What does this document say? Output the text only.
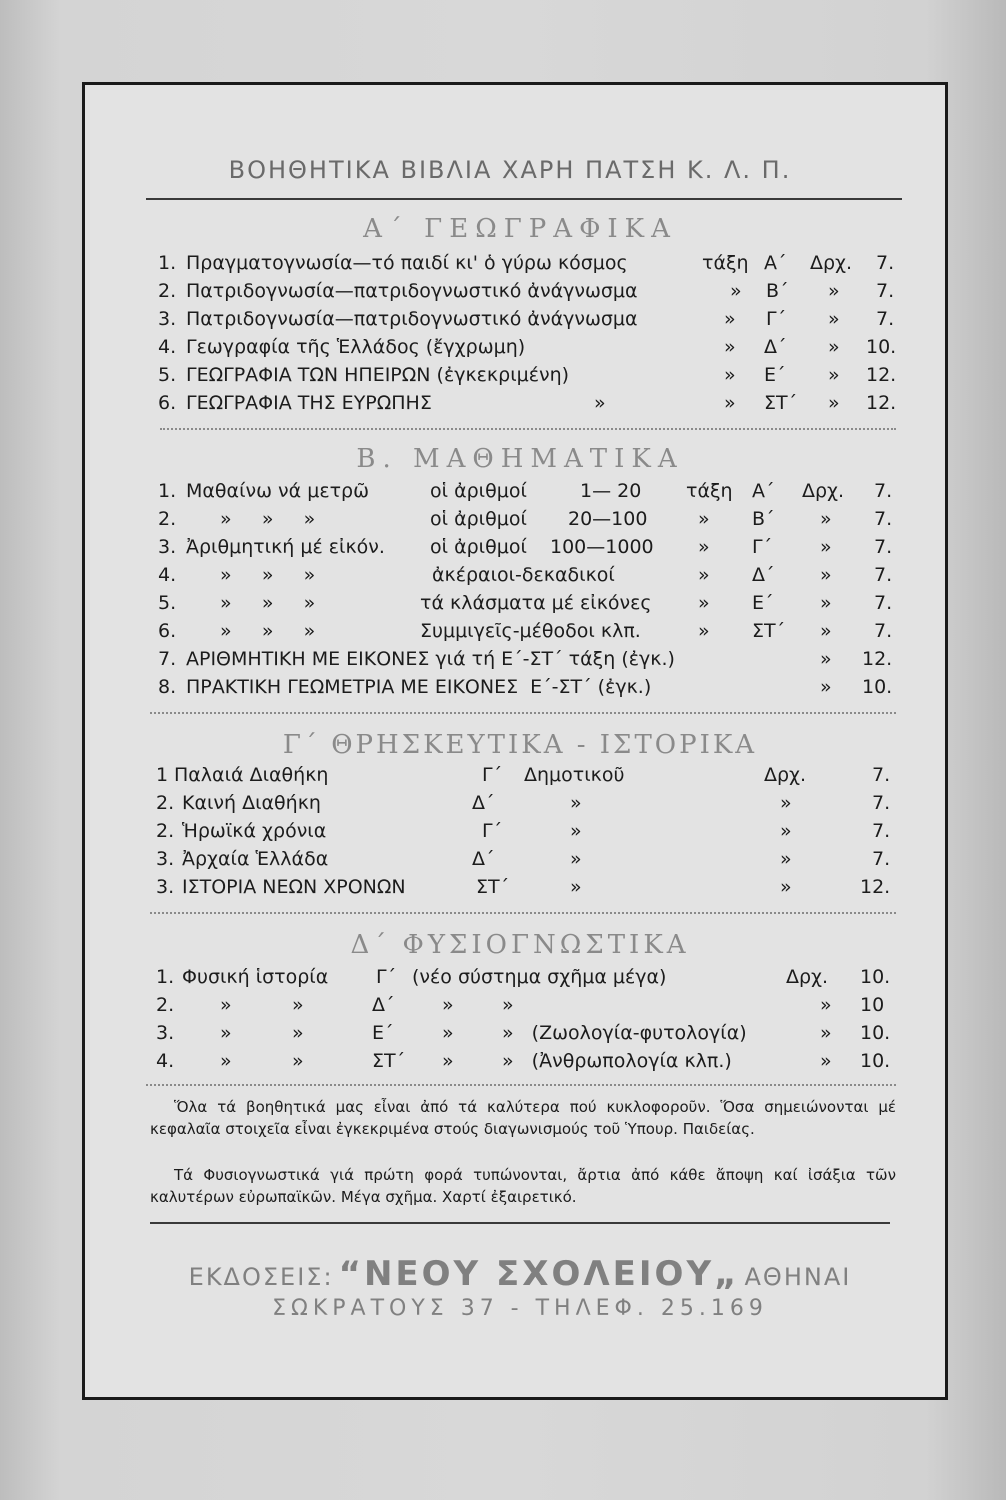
ΒΟΗΘΗΤΙΚΑ ΒΙΒΛΙΑ ΧΑΡΗ ΠΑΤΣΗ Κ. Λ. Π.
Α΄ ΓΕΩΓΡΑΦΙΚΑ
1. Πραγματογνωσία—τό παιδί κι' ὁ γύρω κόσμος	τάξη Α΄ Δρχ. 7.
2. Πατριδογνωσία—πατριδογνωστικό ἀνάγνωσμα	» Β΄ » 7.
3. Πατριδογνωσία—πατριδογνωστικό ἀνάγνωσμα	» Γ΄ » 7.
4. Γεωγραφία τῆς Ἑλλάδος (ἔγχρωμη)	» Δ΄ » 10.
5. ΓΕΩΓΡΑΦΙΑ ΤΩΝ ΗΠΕΙΡΩΝ (ἐγκεκριμένη)	» Ε΄ » 12.
6. ΓΕΩΓΡΑΦΙΑ ΤΗΣ ΕΥΡΩΠΗΣ	»	» ΣΤ΄ » 12.
Β. ΜΑΘΗΜΑΤΙΚΑ
1. Μαθαίνω νά μετρῶ	οἱ ἀριθμοί	1— 20 τάξη Α΄ Δρχ. 7.
2. »     »     »	οἱ ἀριθμοί 20—100	» Β΄ » 7.
3. Ἀριθμητική μέ εἰκόν. οἱ ἀριθμοί 100—1000 » Γ΄	» 7.
4. »     »     »	ἀκέραιοι-δεκαδικοί	» Δ΄ » 7.
5. »     »     »	τά κλάσματα μέ εἰκόνες » Ε΄ » 7.
6. »     »     »	Συμμιγεῖς-μέθοδοι κλπ.	» ΣΤ΄ » 7.
7. ΑΡΙΘΜΗΤΙΚΗ ΜΕ ΕΙΚΟΝΕΣ γιά τή Ε΄-ΣΤ΄ τάξη (ἐγκ.)	» 12.
8. ΠΡΑΚΤΙΚΗ ΓΕΩΜΕΤΡΙΑ ΜΕ ΕΙΚΟΝΕΣ  Ε΄-ΣΤ΄ (ἐγκ.)	» 10.
Γ΄ ΘΡΗΣΚΕΥΤΙΚΑ - ΙΣΤΟΡΙΚΑ
1 Παλαιά Διαθήκη	Γ΄ Δημοτικοῦ	Δρχ.	7.
2. Καινή Διαθήκη	Δ΄	»	»	7.
2. Ἡρωϊκά χρόνια	Γ΄	»	»	7.
3. Ἀρχαία Ἑλλάδα	Δ΄	»	»	7.
3. ΙΣΤΟΡΙΑ ΝΕΩΝ ΧΡΟΝΩΝ	ΣΤ΄	»	»	12.
Δ΄ ΦΥΣΙΟΓΝΩΣΤΙΚΑ
1. Φυσική ἱστορία	Γ΄ (νέο σύστημα σχῆμα μέγα)	Δρχ. 10.
2. »          »	Δ΄	»        »	» 10
3. »          »	Ε΄	»        »   (Ζωολογία-φυτολογία)	» 10.
4. »          »	ΣΤ΄ »        »   (Ἀνθρωπολογία κλπ.)	» 10.
Ὅλα τά βοηθητικά μας εἶναι ἀπό τά καλύτερα πού κυκλοφοροῦν. Ὅσα σημειώνονται μέ κεφαλαῖα στοιχεῖα εἶναι ἐγκεκριμένα στούς διαγωνισμούς τοῦ Ὑπουρ. Παιδείας.
Τά Φυσιογνωστικά γιά πρώτη φορά τυπώνονται, ἄρτια ἀπό κάθε ἄποψη καί ἰσάξια τῶν καλυτέρων εὐρωπαϊκῶν. Μέγα σχῆμα. Χαρτί ἐξαιρετικό.
ΕΚΔΟΣΕΙΣ: “ΝΕΟΥ ΣΧΟΛΕΙΟΥ„ ΑΘΗΝΑΙ
ΣΩΚΡΑΤΟΥΣ 37 - ΤΗΛΕΦ. 25.169
